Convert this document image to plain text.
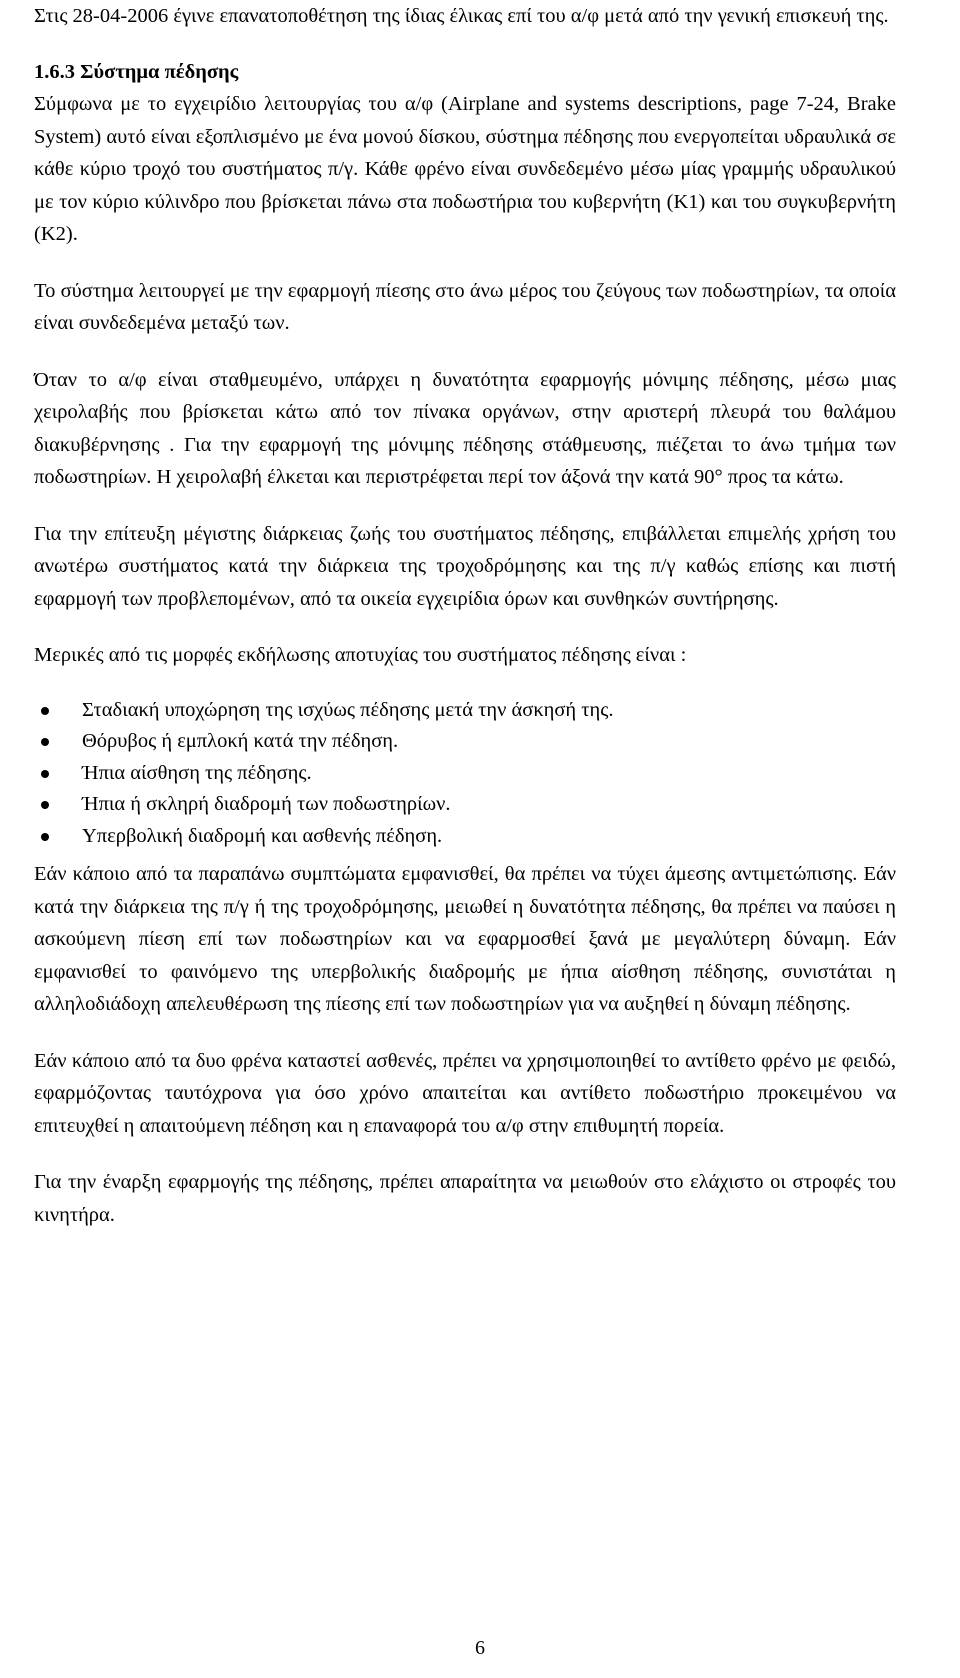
Στις 28-04-2006 έγινε επανατοποθέτηση της ίδιας έλικας επί του α/φ μετά από την γενική επισκευή της.

1.6.3 Σύστημα πέδησης

Σύμφωνα με το εγχειρίδιο λειτουργίας του α/φ (Airplane and systems descriptions, page 7-24, Brake System) αυτό είναι εξοπλισμένο με ένα μονού δίσκου, σύστημα πέδησης που ενεργοπείται υδραυλικά σε κάθε κύριο τροχό του συστήματος π/γ. Κάθε φρένο είναι συνδεδεμένο μέσω μίας γραμμής υδραυλικού με τον κύριο κύλινδρο που βρίσκεται πάνω στα ποδωστήρια του κυβερνήτη (Κ1) και του συγκυβερνήτη (Κ2).

Το σύστημα λειτουργεί με την εφαρμογή πίεσης στο άνω μέρος του ζεύγους των ποδωστηρίων, τα οποία είναι συνδεδεμένα μεταξύ των.

Όταν το α/φ είναι σταθμευμένο, υπάρχει η δυνατότητα εφαρμογής μόνιμης πέδησης, μέσω μιας χειρολαβής που βρίσκεται κάτω από τον πίνακα οργάνων, στην αριστερή πλευρά του θαλάμου διακυβέρνησης . Για την εφαρμογή της μόνιμης πέδησης στάθμευσης, πιέζεται το άνω τμήμα των ποδωστηρίων. Η χειρολαβή έλκεται και περιστρέφεται περί τον άξονά την κατά 90° προς τα κάτω.

Για την επίτευξη μέγιστης διάρκειας ζωής του συστήματος πέδησης, επιβάλλεται επιμελής χρήση του ανωτέρω συστήματος κατά την διάρκεια της τροχοδρόμησης και της π/γ καθώς επίσης και πιστή εφαρμογή των προβλεπομένων, από τα οικεία εγχειρίδια όρων και συνθηκών συντήρησης.

Μερικές από τις μορφές εκδήλωσης αποτυχίας του συστήματος πέδησης είναι :

Σταδιακή υποχώρηση της ισχύως πέδησης μετά την άσκησή της.
Θόρυβος ή εμπλοκή κατά την πέδηση.
Ήπια αίσθηση της πέδησης.
Ήπια ή σκληρή διαδρομή των ποδωστηρίων.
Υπερβολική διαδρομή και ασθενής πέδηση.

Εάν κάποιο από τα παραπάνω συμπτώματα εμφανισθεί, θα πρέπει να τύχει άμεσης αντιμετώπισης. Εάν κατά την διάρκεια της π/γ ή της τροχοδρόμησης, μειωθεί η δυνατότητα πέδησης, θα πρέπει να παύσει η ασκούμενη πίεση επί των ποδωστηρίων και να εφαρμοσθεί ξανά με μεγαλύτερη δύναμη. Εάν εμφανισθεί το φαινόμενο της υπερβολικής διαδρομής με ήπια αίσθηση πέδησης, συνιστάται η αλληλοδιάδοχη απελευθέρωση της πίεσης επί των ποδωστηρίων για να αυξηθεί η δύναμη πέδησης.

Εάν κάποιο από τα δυο φρένα καταστεί ασθενές, πρέπει να χρησιμοποιηθεί το αντίθετο φρένο με φειδώ, εφαρμόζοντας ταυτόχρονα για όσο χρόνο απαιτείται και αντίθετο ποδωστήριο προκειμένου να επιτευχθεί η απαιτούμενη πέδηση και η επαναφορά του α/φ στην επιθυμητή πορεία.

Για την έναρξη εφαρμογής της πέδησης, πρέπει απαραίτητα να μειωθούν στο ελάχιστο οι στροφές του κινητήρα.

6
